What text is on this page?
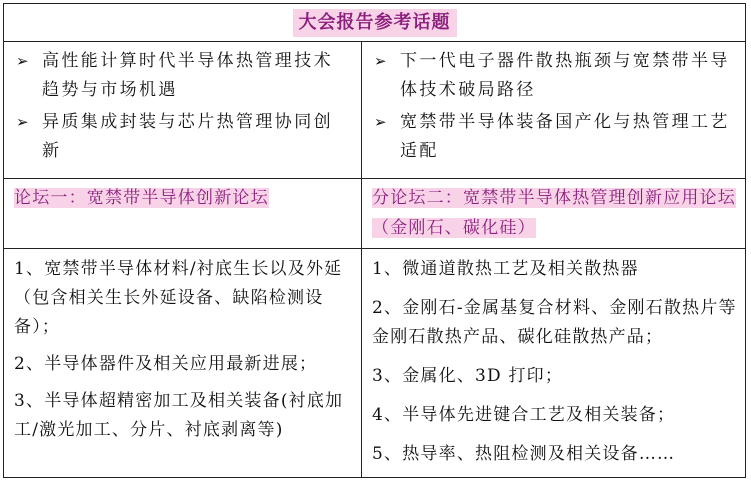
大会报告参考话题
➢ 高性能计算时代半导体热管理技术趋势与市场机遇
➢ 异质集成封装与芯片热管理协同创新
➢ 下一代电子器件散热瓶颈与宽禁带半导体技术破局路径
➢ 宽禁带半导体装备国产化与热管理工艺适配
论坛一：宽禁带半导体创新论坛	分论坛二：宽禁带半导体热管理创新应用论坛（金刚石、碳化硅）
1、宽禁带半导体材料/衬底生长以及外延（包含相关生长外延设备、缺陷检测设备）；
2、半导体器件及相关应用最新进展；
3、半导体超精密加工及相关装备(衬底加工/激光加工、分片、衬底剥离等)
1、微通道散热工艺及相关散热器
2、金刚石-金属基复合材料、金刚石散热片等金刚石散热产品、碳化硅散热产品；
3、金属化、3D 打印；
4、半导体先进键合工艺及相关装备；
5、热导率、热阻检测及相关设备……
